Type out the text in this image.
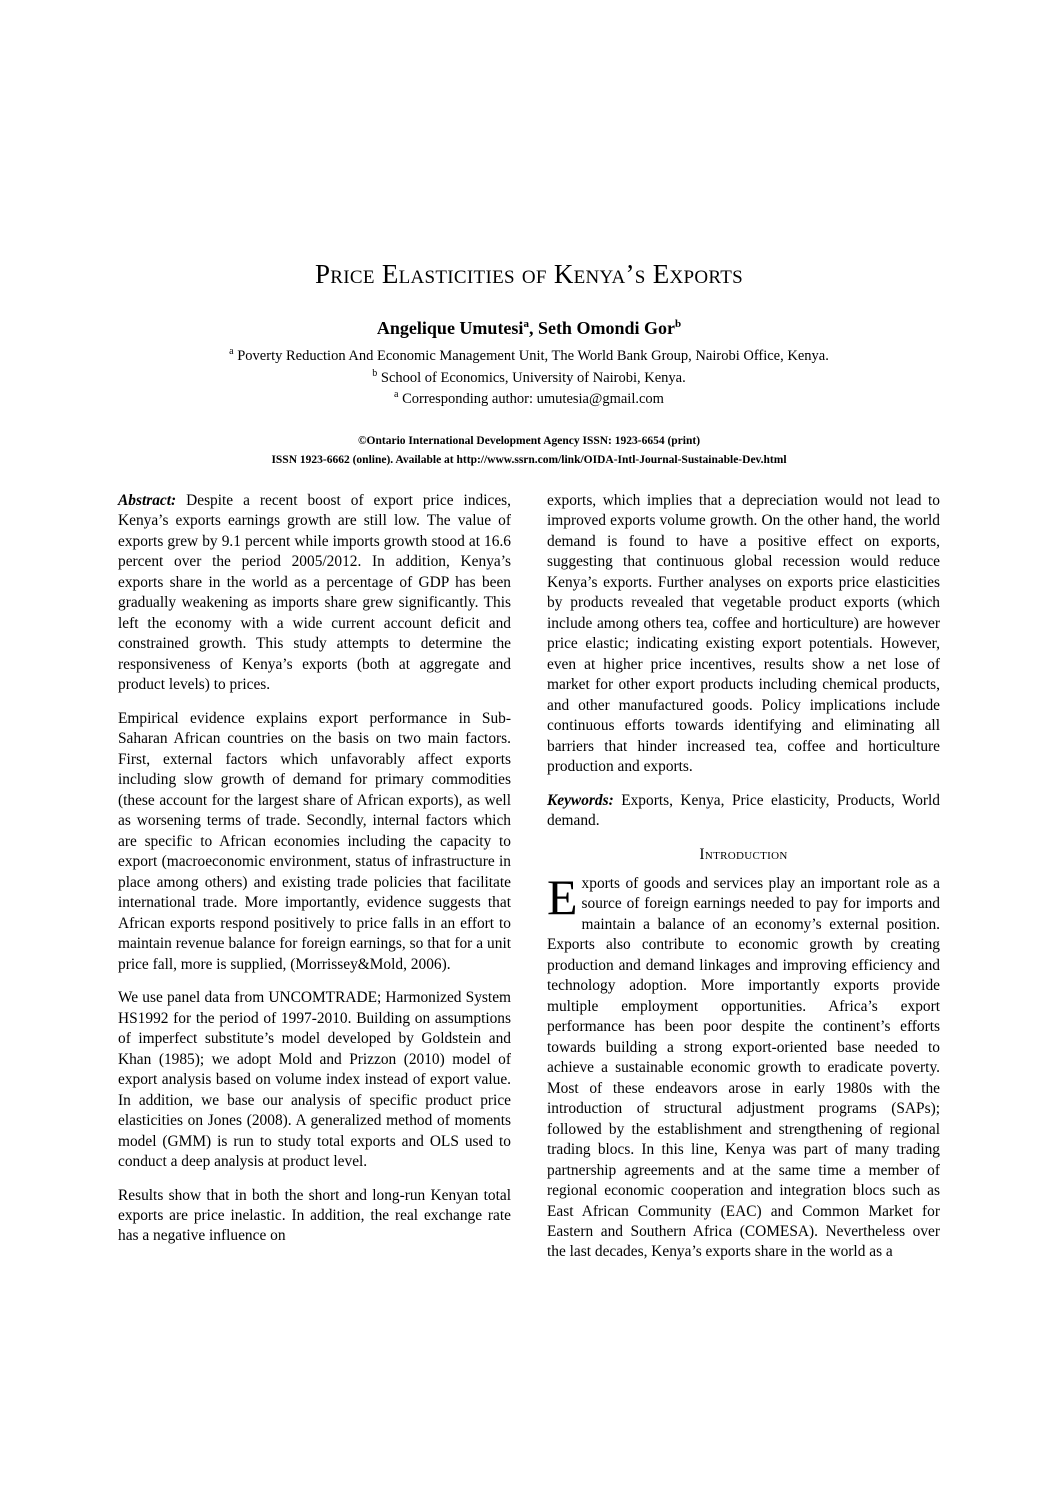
Price Elasticities of Kenya’s Exports
Angelique Umutesi$^a$, Seth Omondi Gor$^b$
$^a$ Poverty Reduction And Economic Management Unit, The World Bank Group, Nairobi Office, Kenya.
$^b$ School of Economics, University of Nairobi, Kenya.
$^a$ Corresponding author: umutesia@gmail.com
©Ontario International Development Agency ISSN: 1923-6654 (print)
ISSN 1923-6662 (online). Available at http://www.ssrn.com/link/OIDA-Intl-Journal-Sustainable-Dev.html

Abstract: Despite a recent boost of export price indices, Kenya’s exports earnings growth are still low. The value of exports grew by 9.1 percent while imports growth stood at 16.6 percent over the period 2005/2012. In addition, Kenya’s exports share in the world as a percentage of GDP has been gradually weakening as imports share grew significantly. This left the economy with a wide current account deficit and constrained growth. This study attempts to determine the responsiveness of Kenya’s exports (both at aggregate and product levels) to prices.

Empirical evidence explains export performance in Sub-Saharan African countries on the basis on two main factors. First, external factors which unfavorably affect exports including slow growth of demand for primary commodities (these account for the largest share of African exports), as well as worsening terms of trade. Secondly, internal factors which are specific to African economies including the capacity to export (macroeconomic environment, status of infrastructure in place among others) and existing trade policies that facilitate international trade. More importantly, evidence suggests that African exports respond positively to price falls in an effort to maintain revenue balance for foreign earnings, so that for a unit price fall, more is supplied, (Morrissey&Mold, 2006).

We use panel data from UNCOMTRADE; Harmonized System HS1992 for the period of 1997-2010. Building on assumptions of imperfect substitute’s model developed by Goldstein and Khan (1985); we adopt Mold and Prizzon (2010) model of export analysis based on volume index instead of export value. In addition, we base our analysis of specific product price elasticities on Jones (2008). A generalized method of moments model (GMM) is run to study total exports and OLS used to conduct a deep analysis at product level.

Results show that in both the short and long-run Kenyan total exports are price inelastic. In addition, the real exchange rate has a negative influence on

exports, which implies that a depreciation would not lead to improved exports volume growth. On the other hand, the world demand is found to have a positive effect on exports, suggesting that continuous global recession would reduce Kenya’s exports. Further analyses on exports price elasticities by products revealed that vegetable product exports (which include among others tea, coffee and horticulture) are however price elastic; indicating existing export potentials. However, even at higher price incentives, results show a net lose of market for other export products including chemical products, and other manufactured goods. Policy implications include continuous efforts towards identifying and eliminating all barriers that hinder increased tea, coffee and horticulture production and exports.

Keywords: Exports, Kenya, Price elasticity, Products, World demand.

Introduction

Exports of goods and services play an important role as a source of foreign earnings needed to pay for imports and maintain a balance of an economy’s external position. Exports also contribute to economic growth by creating production and demand linkages and improving efficiency and technology adoption. More importantly exports provide multiple employment opportunities. Africa’s export performance has been poor despite the continent’s efforts towards building a strong export-oriented base needed to achieve a sustainable economic growth to eradicate poverty. Most of these endeavors arose in early 1980s with the introduction of structural adjustment programs (SAPs); followed by the establishment and strengthening of regional trading blocs. In this line, Kenya was part of many trading partnership agreements and at the same time a member of regional economic cooperation and integration blocs such as East African Community (EAC) and Common Market for Eastern and Southern Africa (COMESA). Nevertheless over the last decades, Kenya’s exports share in the world as a
